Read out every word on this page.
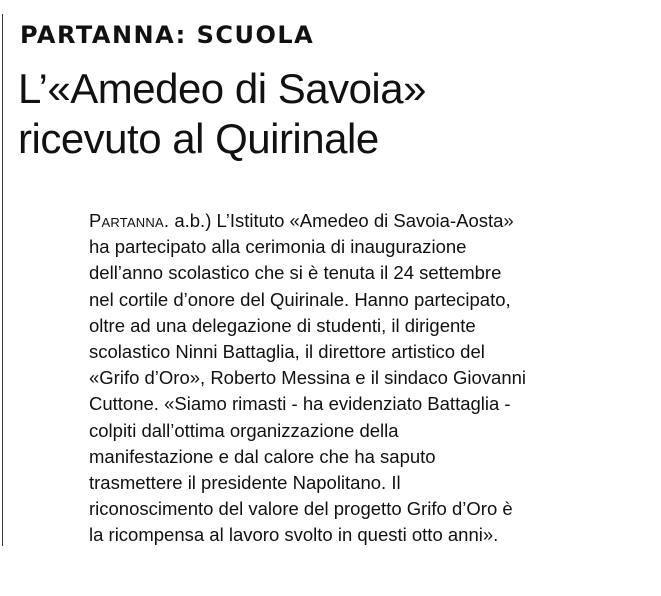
PARTANNA: SCUOLA
L’«Amedeo di Savoia»
ricevuto al Quirinale
Partanna. a.b.) L’Istituto «Amedeo di Savoia-Aosta»
ha partecipato alla cerimonia di inaugurazione
dell’anno scolastico che si è tenuta il 24 settembre
nel cortile d’onore del Quirinale. Hanno partecipato,
oltre ad una delegazione di studenti, il dirigente
scolastico Ninni Battaglia, il direttore artistico del
«Grifo d’Oro», Roberto Messina e il sindaco Giovanni
Cuttone. «Siamo rimasti - ha evidenziato Battaglia -
colpiti dall’ottima organizzazione della
manifestazione e dal calore che ha saputo
trasmettere il presidente Napolitano. Il
riconoscimento del valore del progetto Grifo d’Oro è
la ricompensa al lavoro svolto in questi otto anni».
